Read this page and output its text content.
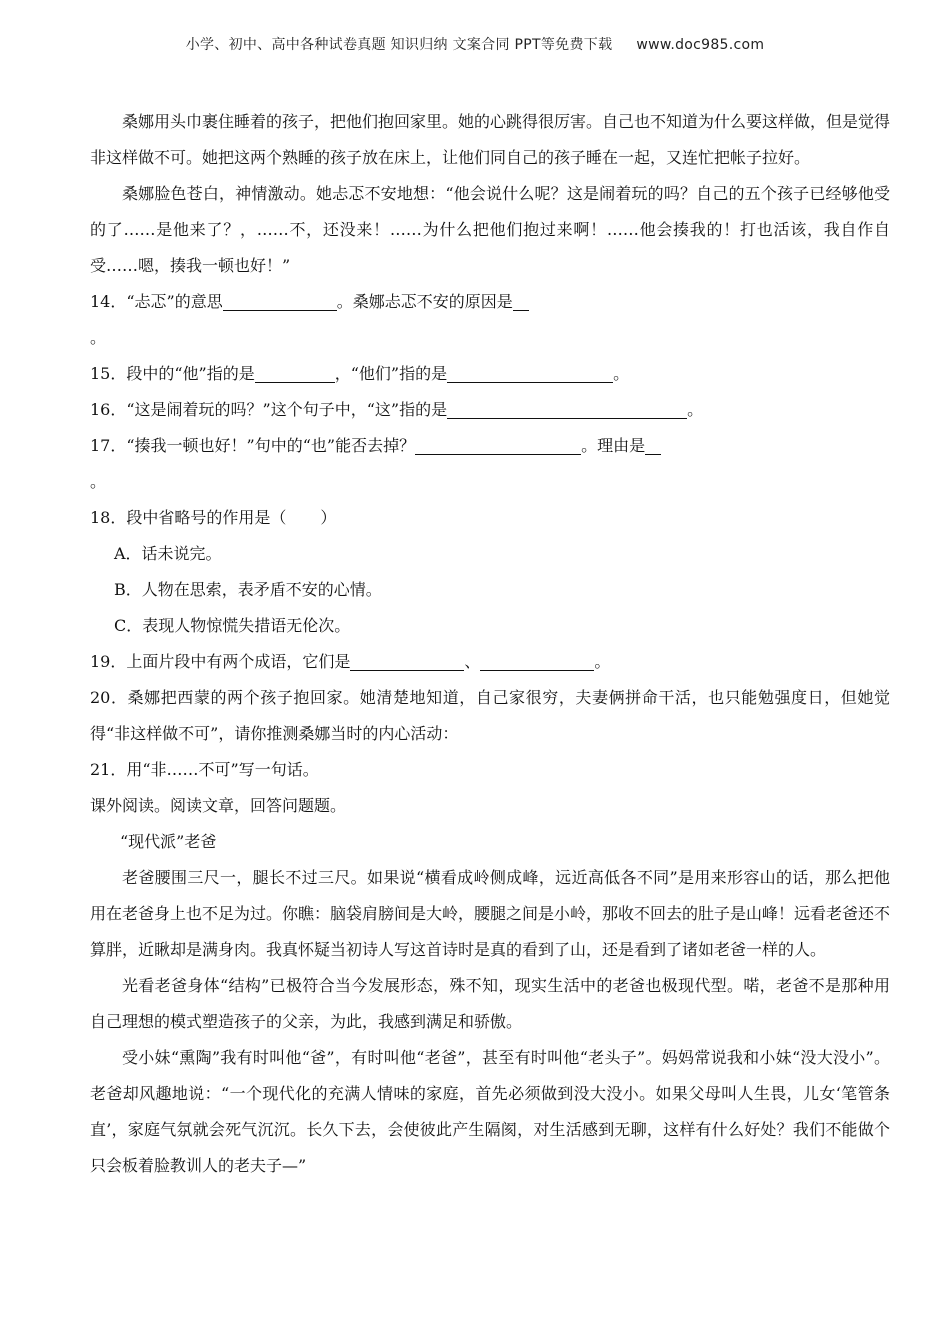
小学、初中、高中各种试卷真题 知识归纳 文案合同 PPT等免费下载 www.doc985.com

桑娜用头巾裹住睡着的孩子，把他们抱回家里。她的心跳得很厉害。自己也不知道为什么要这样做，但是觉得非这样做不可。她把这两个熟睡的孩子放在床上，让他们同自己的孩子睡在一起，又连忙把帐子拉好。

桑娜脸色苍白，神情激动。她忐忑不安地想：“他会说什么呢？这是闹着玩的吗？自己的五个孩子已经够他受的了……是他来了？，……不，还没来！……为什么把他们抱过来啊！……他会揍我的！打也活该，我自作自受……嗯，揍我一顿也好！”

14．“忐忑”的意思	。桑娜忐忑不安的原因是
。
15．段中的“他”指的是	，“他们”指的是	。
16．“这是闹着玩的吗？”这个句子中，“这”指的是	。
17．“揍我一顿也好！”句中的“也”能否去掉？	。理由是
。
18．段中省略号的作用是（ ）
A．话未说完。
B．人物在思索，表矛盾不安的心情。
C．表现人物惊慌失措语无伦次。
19．上面片段中有两个成语，它们是	、	。

20．桑娜把西蒙的两个孩子抱回家。她清楚地知道，自己家很穷，夫妻俩拼命干活，也只能勉强度日，但她觉得“非这样做不可”，请你推测桑娜当时的内心活动：

21．用“非……不可”写一句话。
课外阅读。阅读文章，回答问题题。
“现代派”老爸

老爸腰围三尺一，腿长不过三尺。如果说“横看成岭侧成峰，远近高低各不同”是用来形容山的话，那么把他用在老爸身上也不足为过。你瞧：脑袋肩膀间是大岭，腰腿之间是小岭，那收不回去的肚子是山峰！远看老爸还不算胖，近瞅却是满身肉。我真怀疑当初诗人写这首诗时是真的看到了山，还是看到了诸如老爸一样的人。

光看老爸身体“结构”已极符合当今发展形态，殊不知，现实生活中的老爸也极现代型。喏，老爸不是那种用自己理想的模式塑造孩子的父亲，为此，我感到满足和骄傲。

受小妹“熏陶”我有时叫他“爸”，有时叫他“老爸”，甚至有时叫他“老头子”。妈妈常说我和小妹“没大没小”。老爸却风趣地说：“一个现代化的充满人情味的家庭，首先必须做到没大没小。如果父母叫人生畏，儿女‘笔管条直’，家庭气氛就会死气沉沉。长久下去，会使彼此产生隔阂，对生活感到无聊，这样有什么好处？我们不能做个只会板着脸教训人的老夫子—”
